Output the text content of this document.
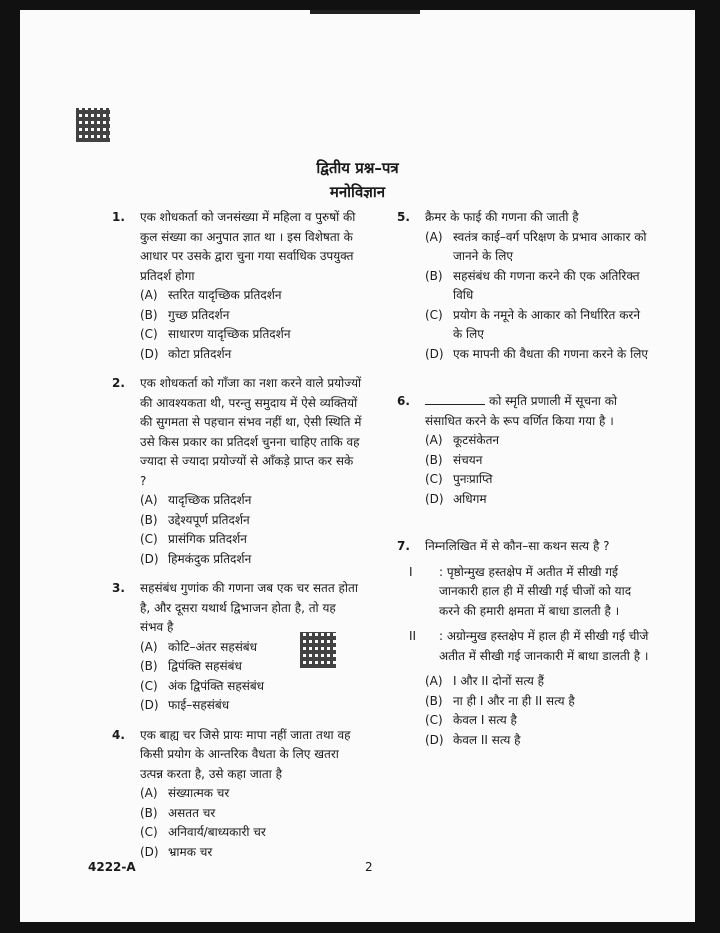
द्वितीय प्रश्न–पत्र
मनोविज्ञान
1. एक शोधकर्ता को जनसंख्या में महिला व पुरुषों की कुल संख्या का अनुपात ज्ञात था । इस विशेषता के आधार पर उसके द्वारा चुना गया सर्वाधिक उपयुक्त प्रतिदर्श होगा
(A) स्तरित यादृच्छिक प्रतिदर्शन
(B) गुच्छ प्रतिदर्शन
(C) साधारण यादृच्छिक प्रतिदर्शन
(D) कोटा प्रतिदर्शन
2. एक शोधकर्ता को गाँजा का नशा करने वाले प्रयोज्यों की आवश्यकता थी, परन्तु समुदाय में ऐसे व्यक्तियों की सुगमता से पहचान संभव नहीं था, ऐसी स्थिति में उसे किस प्रकार का प्रतिदर्श चुनना चाहिए ताकि वह ज्यादा से ज्यादा प्रयोज्यों से आँकड़े प्राप्त कर सके ?
(A) यादृच्छिक प्रतिदर्शन
(B) उद्देश्यपूर्ण प्रतिदर्शन
(C) प्रासंगिक प्रतिदर्शन
(D) हिमकंदुक प्रतिदर्शन
3. सहसंबंध गुणांक की गणना जब एक चर सतत होता है, और दूसरा यथार्थ द्विभाजन होता है, तो यह संभव है
(A) कोटि–अंतर सहसंबंध
(B) द्विपंक्ति सहसंबंध
(C) अंक द्विपंक्ति सहसंबंध
(D) फाई–सहसंबंध
4. एक बाह्य चर जिसे प्रायः मापा नहीं जाता तथा वह किसी प्रयोग के आन्तरिक वैधता के लिए खतरा उत्पन्न करता है, उसे कहा जाता है
(A) संख्यात्मक चर
(B) असतत चर
(C) अनिवार्य/बाध्यकारी चर
(D) भ्रामक चर
5. क्रैमर के फाई की गणना की जाती है
(A) स्वतंत्र काई–वर्ग परिक्षण के प्रभाव आकार को जानने के लिए
(B) सहसंबंध की गणना करने की एक अतिरिक्त विधि
(C) प्रयोग के नमूने के आकार को निर्धारित करने के लिए
(D) एक मापनी की वैधता की गणना करने के लिए
6.	को स्मृति प्रणाली में सूचना को संसाधित करने के रूप वर्णित किया गया है ।
(A) कूटसंकेतन
(B) संचयन
(C) पुनःप्राप्ति
(D) अधिगम
7. निम्नलिखित में से कौन–सा कथन सत्य है ?
I : पृष्ठोन्मुख हस्तक्षेप में अतीत में सीखी गई जानकारी हाल ही में सीखी गई चीजों को याद करने की हमारी क्षमता में बाधा डालती है ।
II : अग्रोन्मुख हस्तक्षेप में हाल ही में सीखी गई चीजे अतीत में सीखी गई जानकारी में बाधा डालती है ।
(A) I और II दोनों सत्य हैं
(B) ना ही I और ना ही II सत्य है
(C) केवल I सत्य है
(D) केवल II सत्य है
4222-A	2
